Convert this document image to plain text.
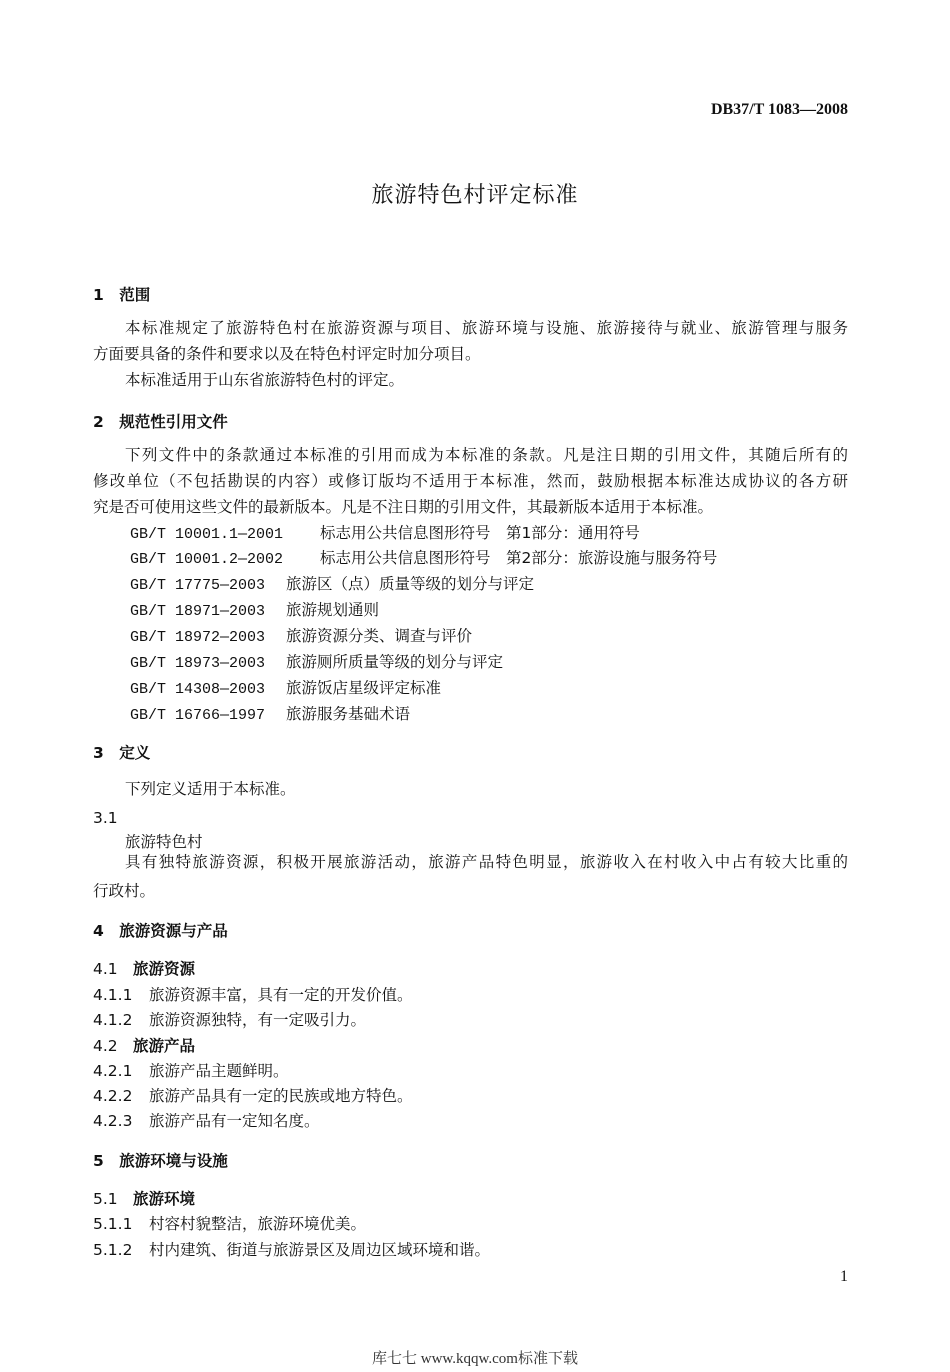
DB37/T 1083—2008
旅游特色村评定标准
1　范围
本标准规定了旅游特色村在旅游资源与项目、旅游环境与设施、旅游接待与就业、旅游管理与服务
方面要具备的条件和要求以及在特色村评定时加分项目。
本标准适用于山东省旅游特色村的评定。
2　规范性引用文件
下列文件中的条款通过本标准的引用而成为本标准的条款。凡是注日期的引用文件，其随后所有的
修改单位（不包括勘误的内容）或修订版均不适用于本标准，然而，鼓励根据本标准达成协议的各方研
究是否可使用这些文件的最新版本。凡是不注日期的引用文件，其最新版本适用于本标准。
GB/T 10001.1—2001 标志用公共信息图形符号　第1部分：通用符号
GB/T 10001.2—2002 标志用公共信息图形符号　第2部分：旅游设施与服务符号
GB/T 17775—2003 旅游区（点）质量等级的划分与评定
GB/T 18971—2003 旅游规划通则
GB/T 18972—2003 旅游资源分类、调查与评价
GB/T 18973—2003 旅游厕所质量等级的划分与评定
GB/T 14308—2003 旅游饭店星级评定标准
GB/T 16766—1997 旅游服务基础术语
3　定义
下列定义适用于本标准。
3.1
旅游特色村
具有独特旅游资源，积极开展旅游活动，旅游产品特色明显，旅游收入在村收入中占有较大比重的
行政村。
4　旅游资源与产品
4.1 旅游资源
4.1.1 旅游资源丰富，具有一定的开发价值。
4.1.2 旅游资源独特，有一定吸引力。
4.2 旅游产品
4.2.1 旅游产品主题鲜明。
4.2.2 旅游产品具有一定的民族或地方特色。
4.2.3 旅游产品有一定知名度。
5　旅游环境与设施
5.1 旅游环境
5.1.1 村容村貌整洁，旅游环境优美。
5.1.2 村内建筑、街道与旅游景区及周边区域环境和谐。
1
库七七 www.kqqw.com标准下载
